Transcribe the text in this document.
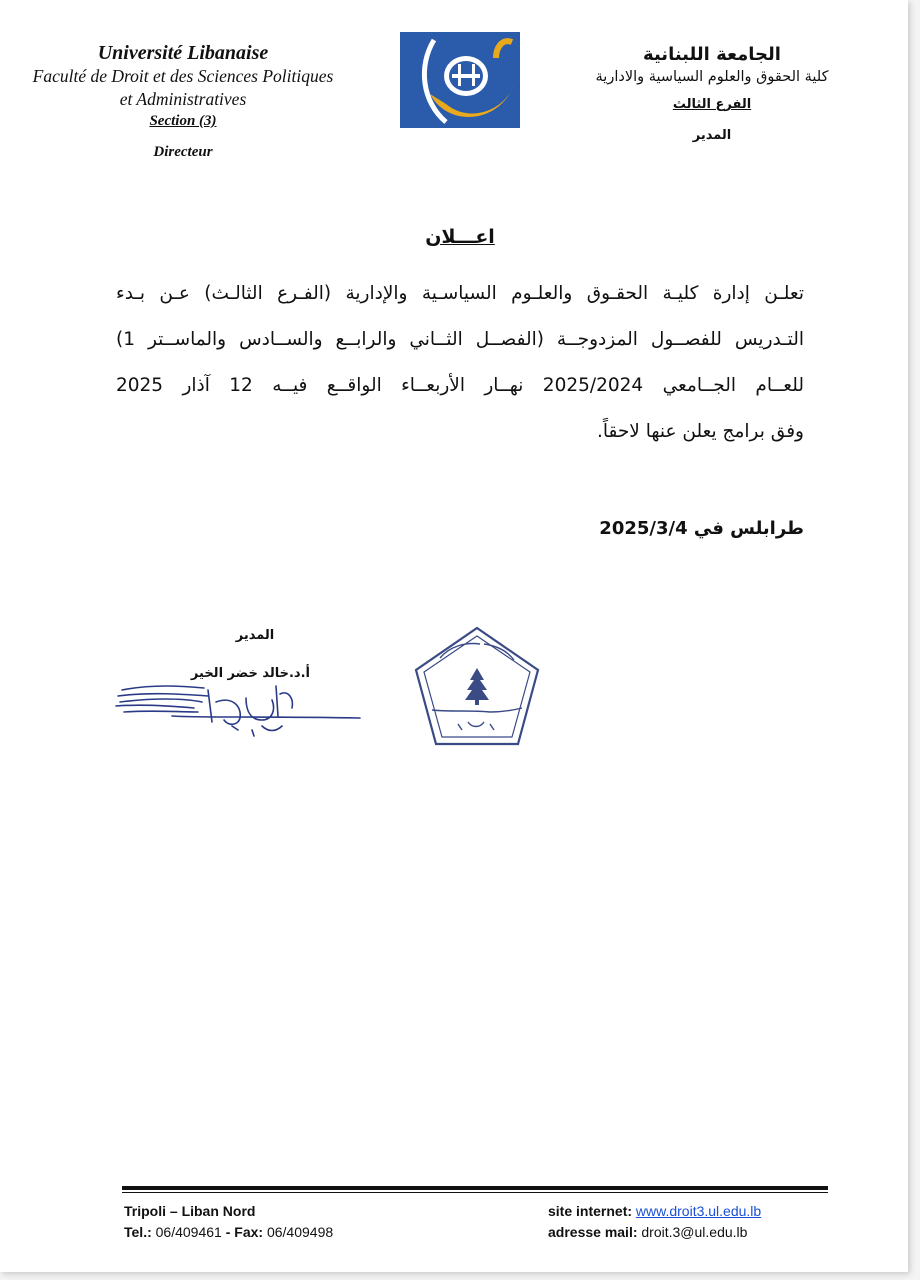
Université Libanaise
Faculté de Droit et des Sciences Politiques
et Administratives
Section (3)
Directeur
الجامعة اللبنانية
كلية الحقوق والعلوم السياسية والادارية
الفرع الثالث
المدير
اعـــلان
تعلـن إدارة كليـة الحقـوق والعلـوم السياسـية والإدارية (الفـرع الثالـث) عـن بـدء
التـدريس للفصــول المزدوجــة (الفصــل الثــاني والرابــع والســادس والماســتر 1)
للعــام الجــامعي 2025/2024 نهــار الأربعــاء الواقــع فيــه 12 آذار 2025
وفق برامج يعلن عنها لاحقاً.
طرابلس في 2025/3/4
المدير
أ.د.خالد خضر الخير
Tripoli – Liban Nord
Tel.: 06/409461 - Fax: 06/409498
site internet: www.droit3.ul.edu.lb
adresse mail: droit.3@ul.edu.lb
